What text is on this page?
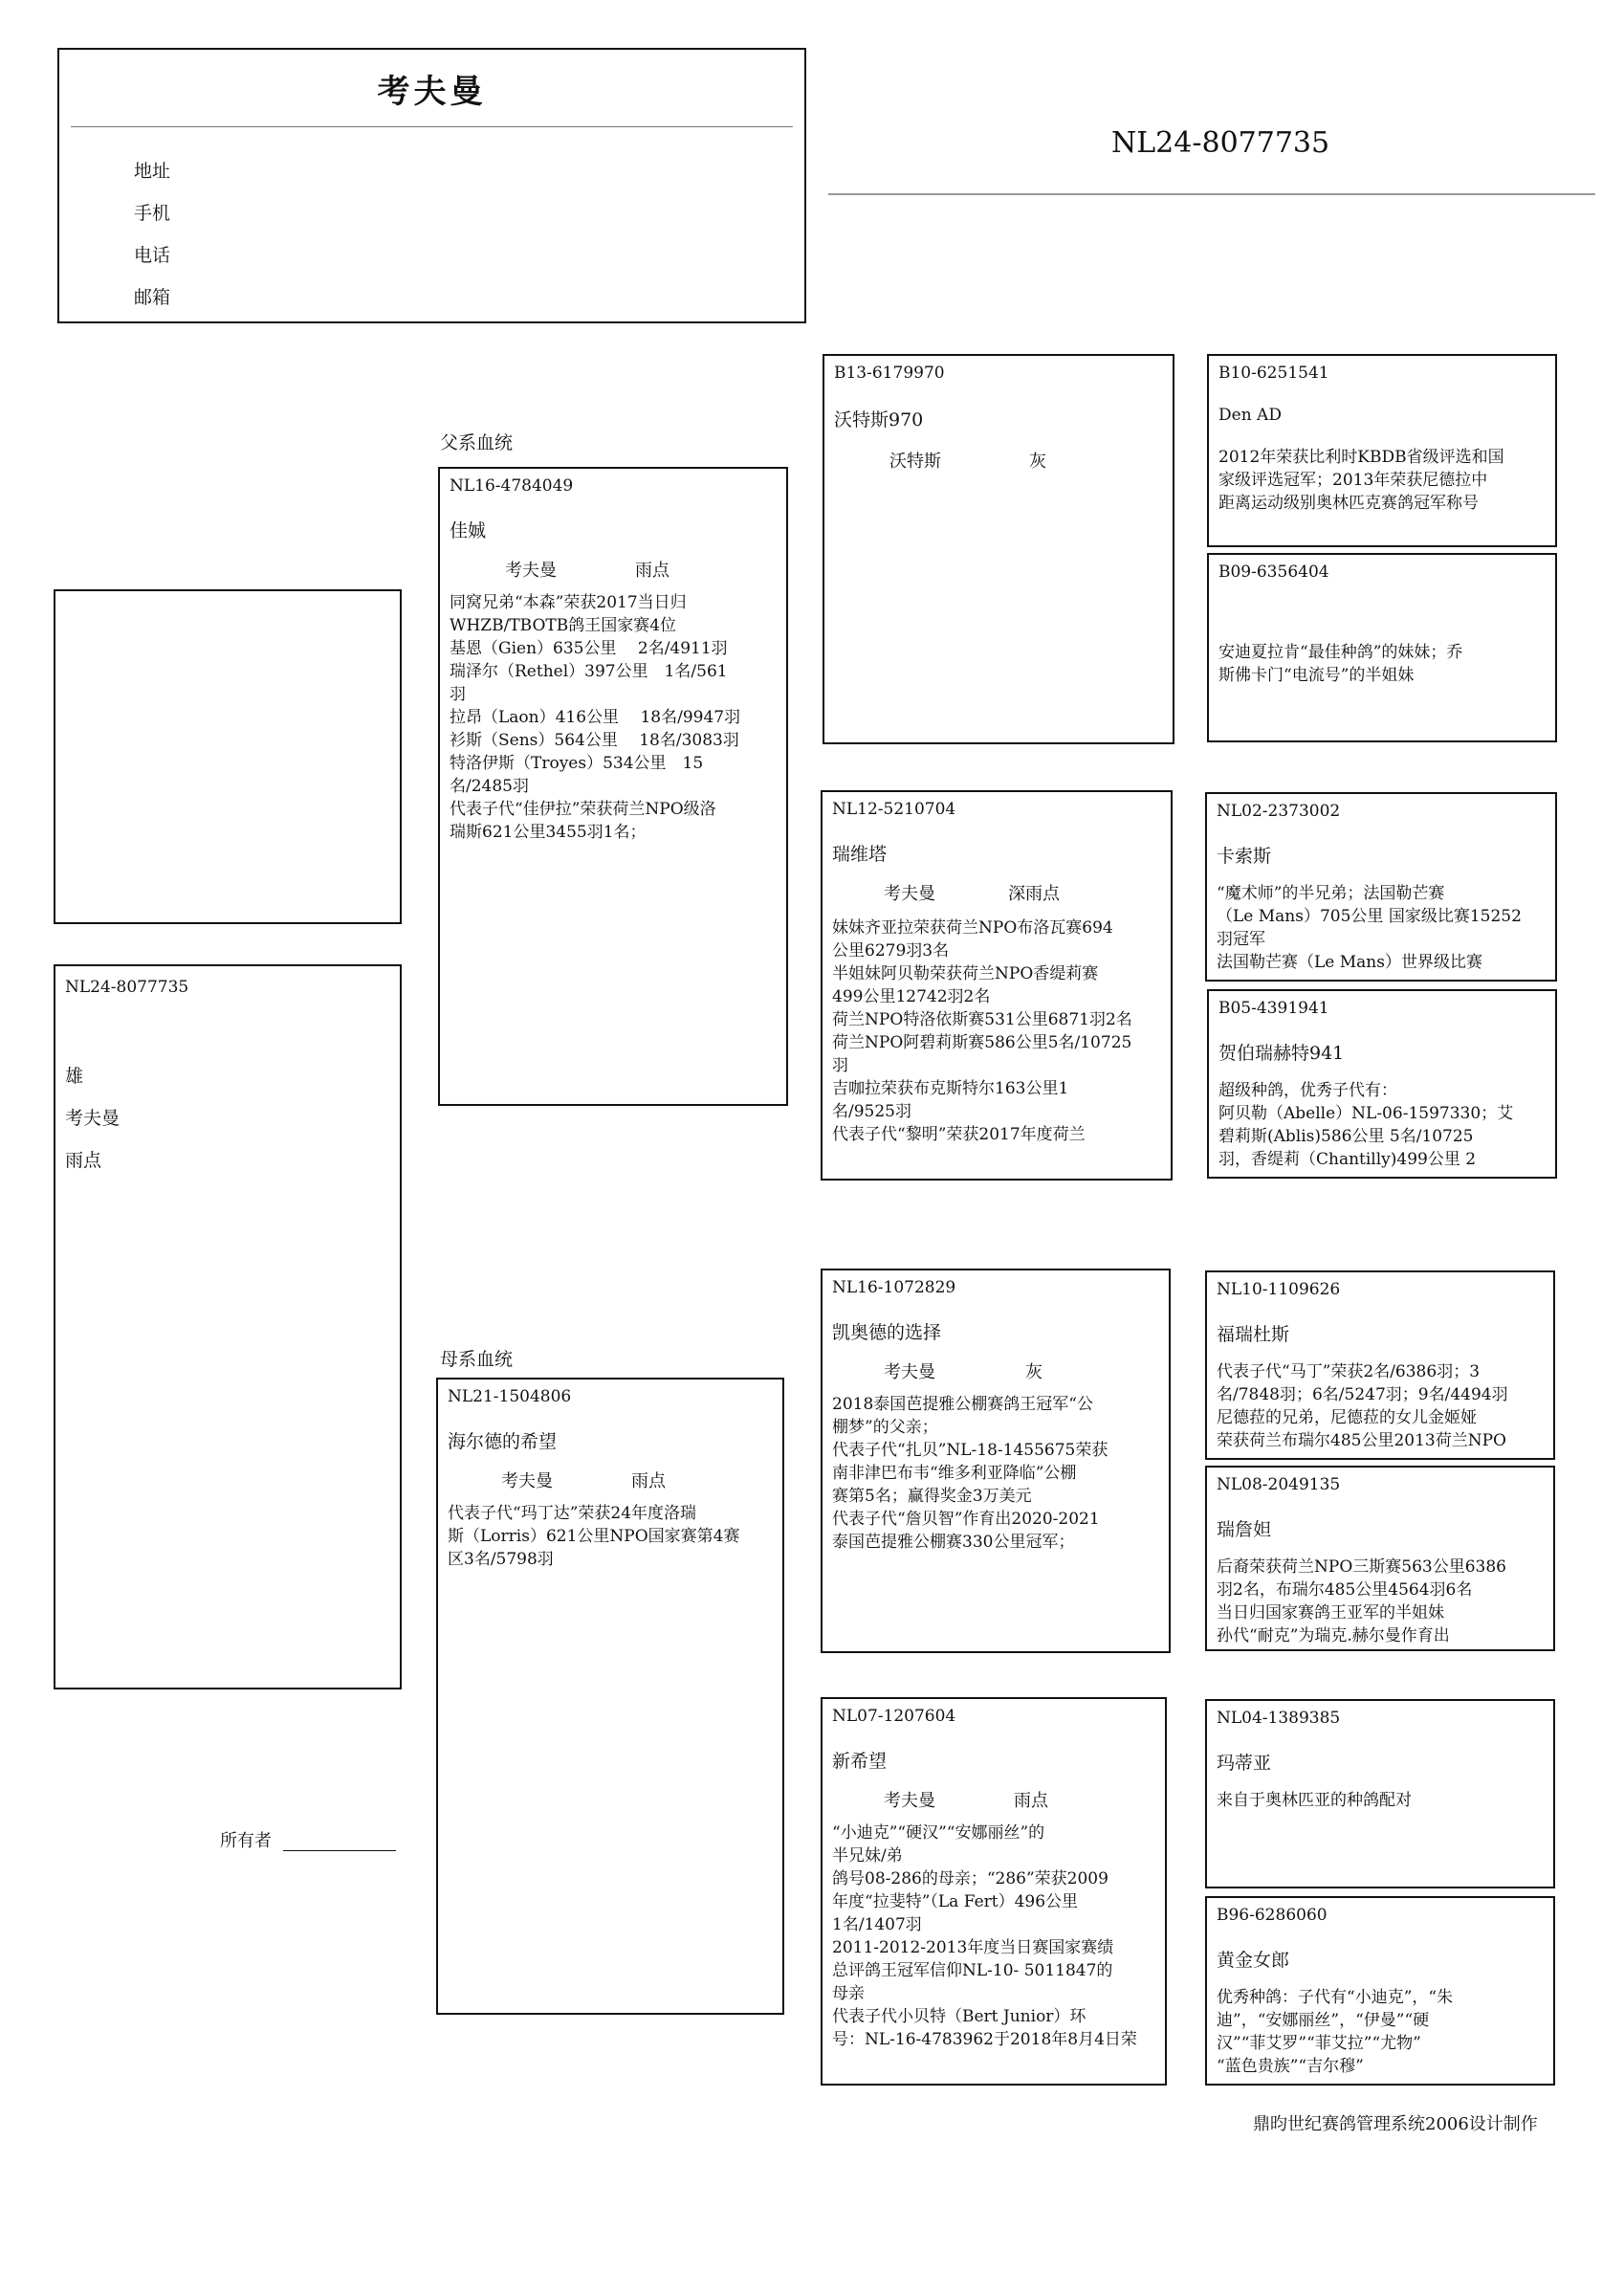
考夫曼
地址
手机
电话
邮箱
NL24-8077735
NL24-8077735
雄
考夫曼
雨点
父系血统
母系血统
NL16-4784049
佳娍
考夫曼	雨点
同窝兄弟“本森”荣获2017当日归
WHZB/TBOTB鸽王国家赛4位
基恩（Gien）635公里　 2名/4911羽
瑞泽尔（Rethel）397公里　1名/561
羽
拉昂（Laon）416公里　 18名/9947羽
衫斯（Sens）564公里　 18名/3083羽
特洛伊斯（Troyes）534公里　15
名/2485羽
代表子代“佳伊拉”荣获荷兰NPO级洛
瑞斯621公里3455羽1名；
NL21-1504806
海尔德的希望
考夫曼	雨点
代表子代“玛丁达”荣获24年度洛瑞
斯（Lorris）621公里NPO国家赛第4赛
区3名/5798羽
B13-6179970
沃特斯970
沃特斯	灰
NL12-5210704
瑞维塔
考夫曼	深雨点
妹妹齐亚拉荣获荷兰NPO布洛瓦赛694
公里6279羽3名
半姐妹阿贝勒荣获荷兰NPO香缇莉赛
499公里12742羽2名
荷兰NPO特洛依斯赛531公里6871羽2名
荷兰NPO阿碧莉斯赛586公里5名/10725
羽
吉咖拉荣获布克斯特尔163公里1
名/9525羽
代表子代“黎明”荣获2017年度荷兰
NL16-1072829
凯奥德的选择
考夫曼	灰
2018泰国芭提雅公棚赛鸽王冠军“公
棚梦”的父亲；
代表子代“扎贝”NL-18-1455675荣获
南非津巴布韦“维多利亚降临”公棚
赛第5名；赢得奖金3万美元
代表子代“詹贝智”作育出2020-2021
泰国芭提雅公棚赛330公里冠军；
NL07-1207604
新希望
考夫曼	雨点
“小迪克”“硬汉”“安娜丽丝”的
半兄妹/弟
鸽号08-286的母亲；“286”荣获2009
年度“拉斐特”（La Fert）496公里
1名/1407羽
2011-2012-2013年度当日赛国家赛绩
总评鸽王冠军信仰NL-10- 5011847的
母亲
代表子代小贝特（Bert Junior）环
号：NL-16-4783962于2018年8月4日荣
B10-6251541
Den AD
2012年荣获比利时KBDB省级评选和国
家级评选冠军；2013年荣获尼德拉中
距离运动级别奥林匹克赛鸽冠军称号
B09-6356404
安迪夏拉肯“最佳种鸽”的妹妹；乔
斯佛卡门“电流号”的半姐妹
NL02-2373002
卡索斯
“魔术师”的半兄弟；法国勒芒赛
（Le Mans）705公里 国家级比赛15252
羽冠军
法国勒芒赛（Le Mans）世界级比赛
B05-4391941
贺伯瑞赫特941
超级种鸽，优秀子代有：
阿贝勒（Abelle）NL-06-1597330；艾
碧莉斯(Ablis)586公里 5名/10725
羽，香缇莉（Chantilly)499公里 2
NL10-1109626
福瑞杜斯
代表子代“马丁”荣获2名/6386羽；3
名/7848羽；6名/5247羽；9名/4494羽
尼德菈的兄弟，尼德菈的女儿金姬娅
荣获荷兰布瑞尔485公里2013荷兰NPO
NL08-2049135
瑞詹妲
后裔荣获荷兰NPO三斯赛563公里6386
羽2名，布瑞尔485公里4564羽6名
当日归国家赛鸽王亚军的半姐妹
孙代“耐克”为瑞克.赫尔曼作育出
NL04-1389385
玛蒂亚
来自于奥林匹亚的种鸽配对
B96-6286060
黄金女郎
优秀种鸽：子代有“小迪克”，“朱
迪”，“安娜丽丝”，“伊曼”“硬
汉”“菲艾罗”“菲艾拉”“尤物”
“蓝色贵族”“吉尔穆”
所有者
鼎昀世纪赛鸽管理系统2006设计制作
